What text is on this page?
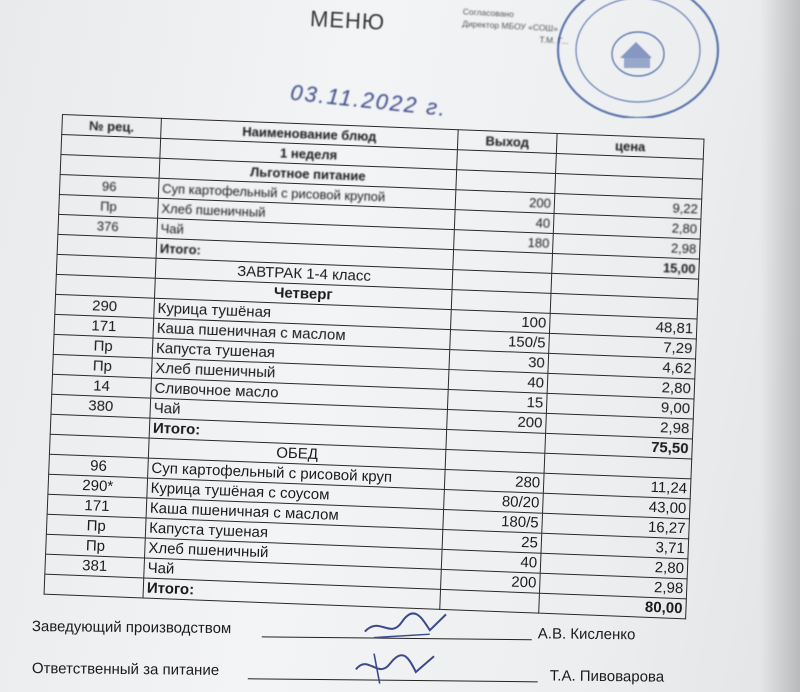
МЕНЮ	Согласовано
Директор МБОУ «СОШ»
Т.М. Г...
03.11.2022 г.
№ рец.	Наименование блюд	Выход	цена
	1 неделя		
	Льготное питание		
96	Суп картофельный с рисовой крупой	200	9,22
Пр	Хлеб пшеничный	40	2,80
376	Чай	180	2,98
	Итого:		15,00
	ЗАВТРАК 1-4 класс		
	Четверг		
290	Курица тушёная	100	48,81
171	Каша пшеничная с маслом	150/5	7,29
Пр	Капуста тушеная	30	4,62
Пр	Хлеб пшеничный	40	2,80
14	Сливочное масло	15	9,00
380	Чай	200	2,98
	Итого:		75,50
	ОБЕД		
96	Суп картофельный с рисовой круп	280	11,24
290*	Курица тушёная с соусом	80/20	43,00
171	Каша пшеничная с маслом	180/5	16,27
Пр	Капуста тушеная	25	3,71
Пр	Хлеб пшеничный	40	2,80
381	Чай	200	2,98
	Итого:		80,00
Заведующий производством	А.В. Кисленко
Ответственный за питание	Т.А. Пивоварова
